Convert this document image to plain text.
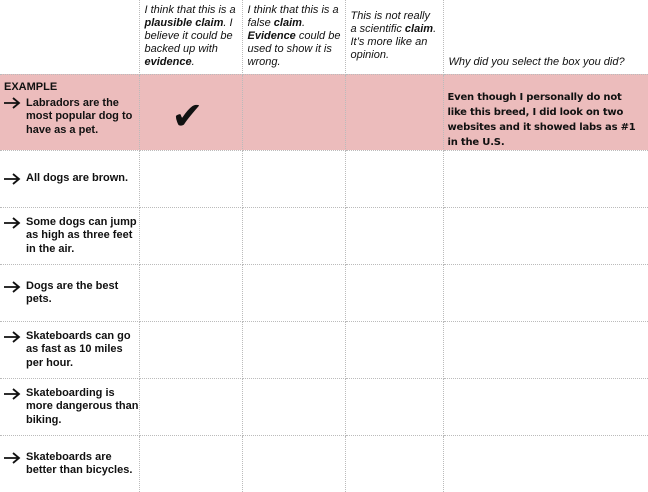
	I think that this is a plausible claim. I believe it could be backed up with evidence.	I think that this is a false claim. Evidence could be used to show it is wrong.	This is not really a scientific claim. It’s more like an opinion.	Why did you select the box you did?

EXAMPLE
Labradors are the most popular dog to have as a pet.	✔			Even though I personally do not like this breed, I did look on two websites and it showed labs as #1 in the U.S.

All dogs are brown.				

Some dogs can jump as high as three feet in the air.				

Dogs are the best pets.				

Skateboards can go as fast as 10 miles per hour.				

Skateboarding is more dangerous than biking.				

Skateboards are better than bicycles.				
